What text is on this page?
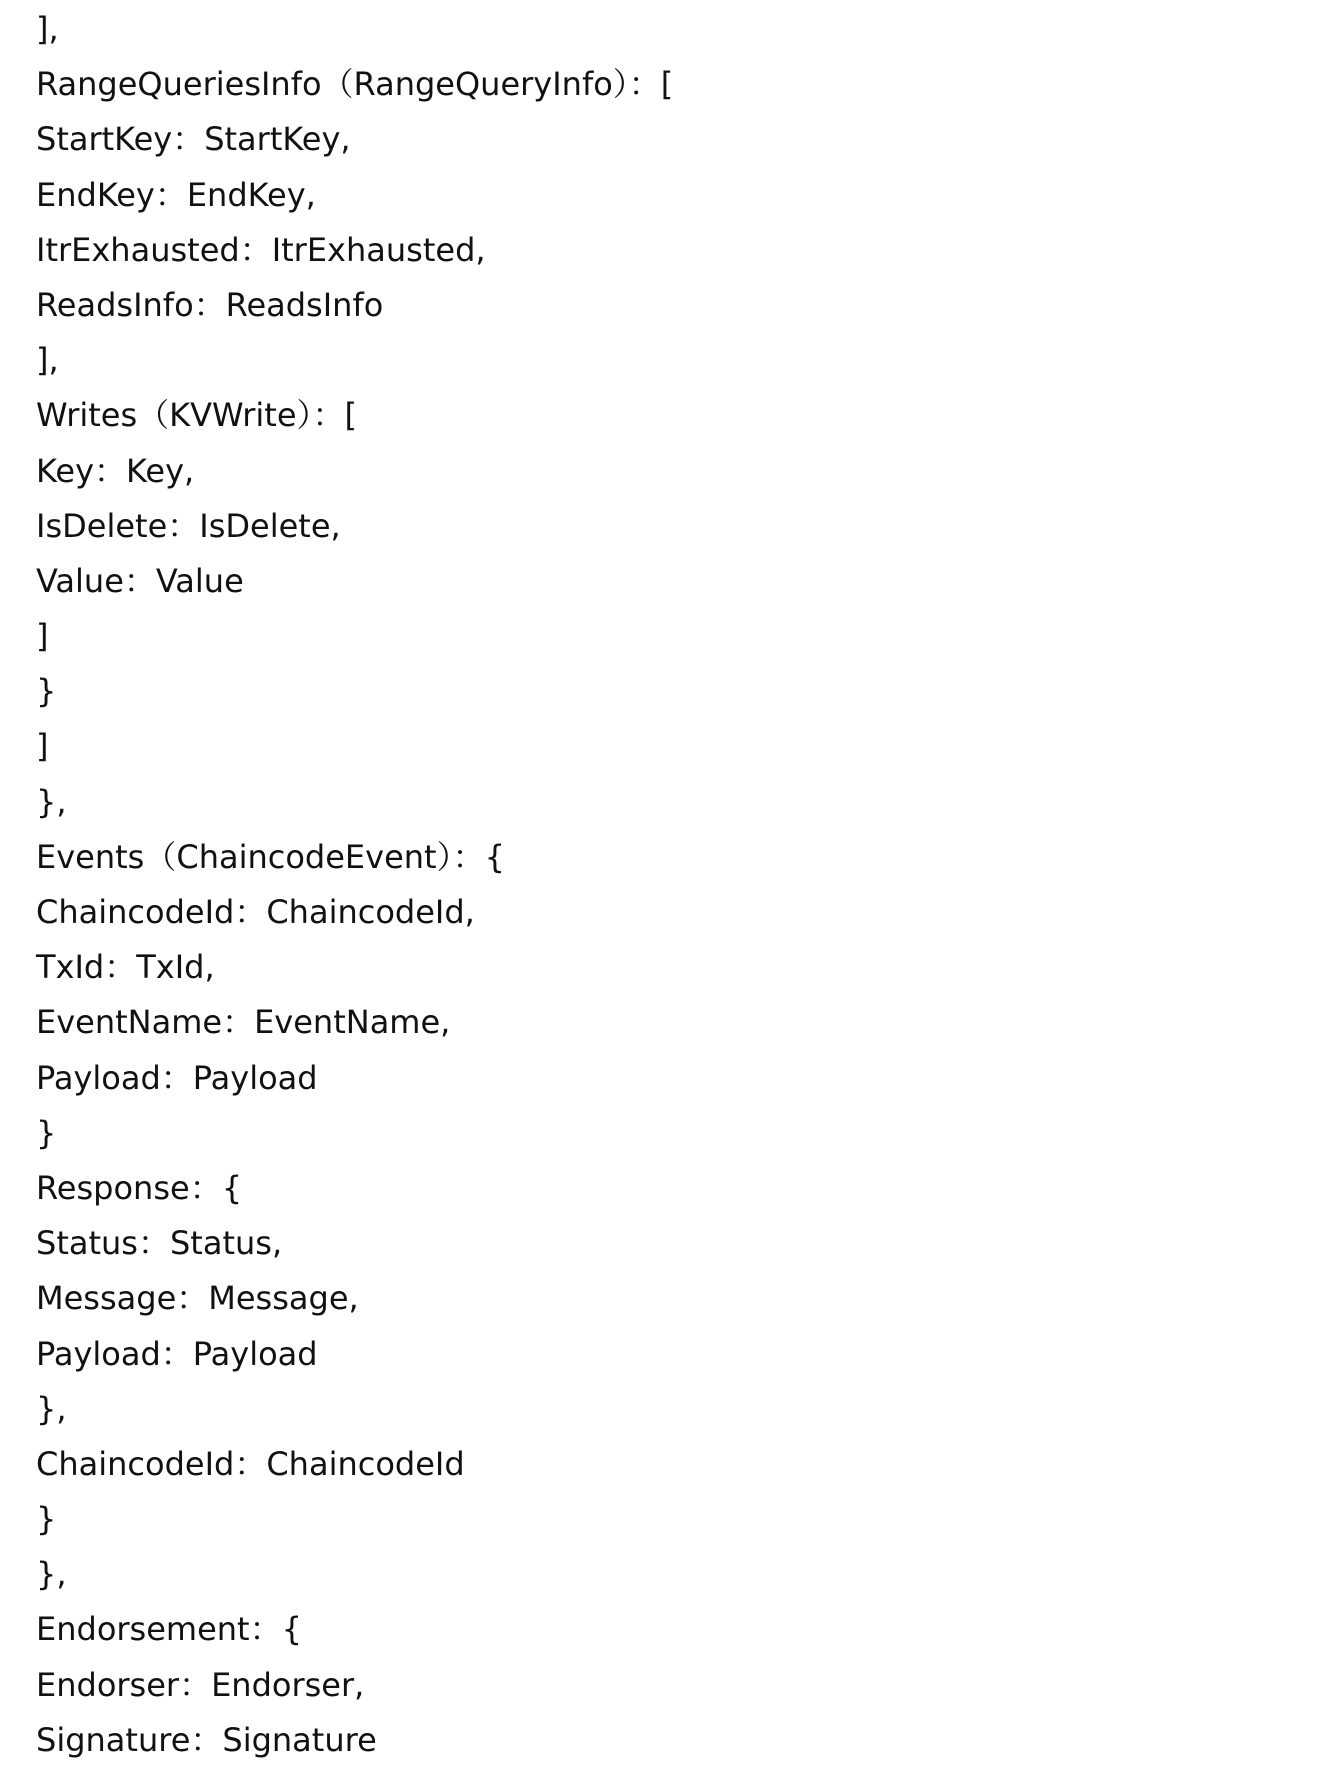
],
RangeQueriesInfo（RangeQueryInfo）：[
StartKey：StartKey,
EndKey：EndKey,
ItrExhausted：ItrExhausted,
ReadsInfo：ReadsInfo
],
Writes（KVWrite）：[
Key：Key,
IsDelete：IsDelete,
Value：Value
]
}
]
},
Events（ChaincodeEvent）：{
ChaincodeId：ChaincodeId,
TxId：TxId,
EventName：EventName,
Payload：Payload
}
Response：{
Status：Status,
Message：Message,
Payload：Payload
},
ChaincodeId：ChaincodeId
}
},
Endorsement：{
Endorser：Endorser,
Signature：Signature
